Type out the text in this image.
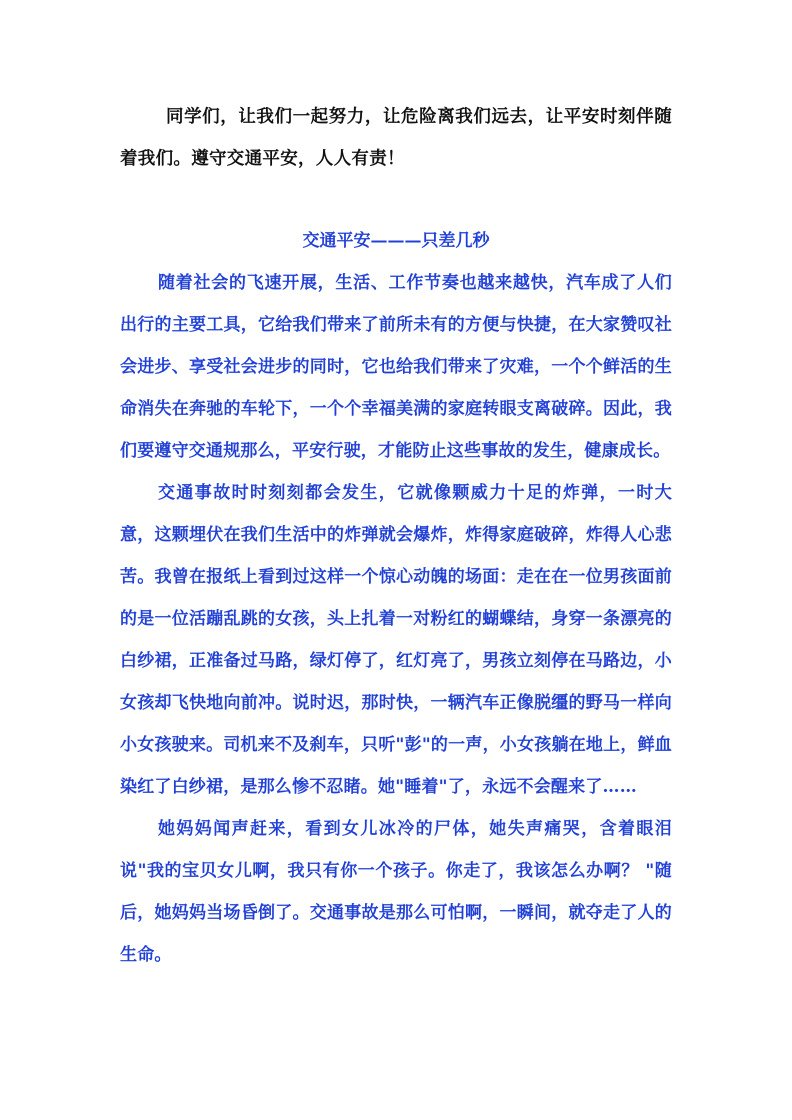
同学们，让我们一起努力，让危险离我们远去，让平安时刻伴随着我们。遵守交通平安，人人有责！

交通平安———只差几秒

随着社会的飞速开展，生活、工作节奏也越来越快，汽车成了人们出行的主要工具，它给我们带来了前所未有的方便与快捷，在大家赞叹社会进步、享受社会进步的同时，它也给我们带来了灾难，一个个鲜活的生命消失在奔驰的车轮下，一个个幸福美满的家庭转眼支离破碎。因此，我们要遵守交通规那么，平安行驶，才能防止这些事故的发生，健康成长。

交通事故时时刻刻都会发生，它就像颗威力十足的炸弹，一时大意，这颗埋伏在我们生活中的炸弹就会爆炸，炸得家庭破碎，炸得人心悲苦。我曾在报纸上看到过这样一个惊心动魄的场面：走在在一位男孩面前的是一位活蹦乱跳的女孩，头上扎着一对粉红的蝴蝶结，身穿一条漂亮的白纱裙，正准备过马路，绿灯停了，红灯亮了，男孩立刻停在马路边，小女孩却飞快地向前冲。说时迟，那时快，一辆汽车正像脱缰的野马一样向小女孩驶来。司机来不及刹车，只听"彭"的一声，小女孩躺在地上，鲜血染红了白纱裙，是那么惨不忍睹。她"睡着"了，永远不会醒来了……

她妈妈闻声赶来，看到女儿冰冷的尸体，她失声痛哭，含着眼泪说"我的宝贝女儿啊，我只有你一个孩子。你走了，我该怎么办啊？ "随后，她妈妈当场昏倒了。交通事故是那么可怕啊，一瞬间，就夺走了人的生命。
